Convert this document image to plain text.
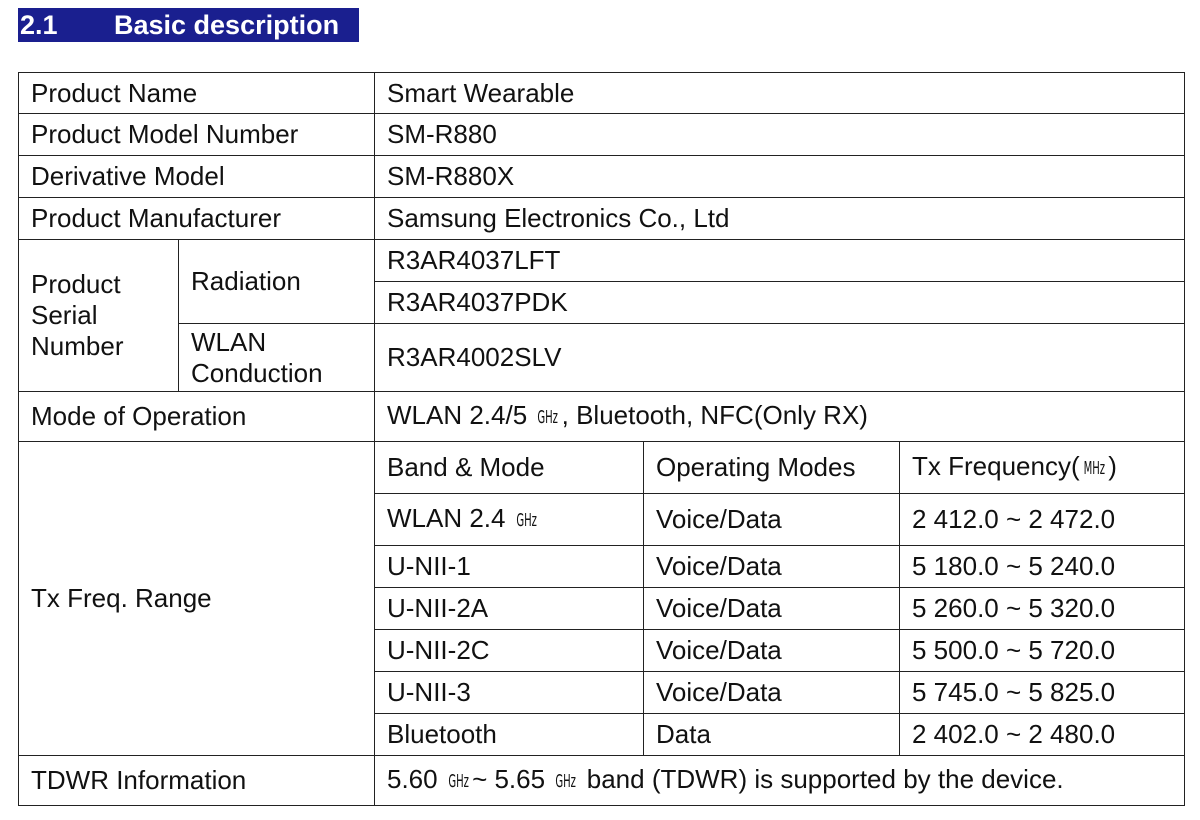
2.1 Basic description
Product Name		Smart Wearable		
Product Model Number		SM-R880		
Derivative Model		SM-R880X		
Product Manufacturer		Samsung Electronics Co., Ltd		
Product Serial Number	Radiation	R3AR4037LFT		
		R3AR4037PDK		
	WLAN Conduction	R3AR4002SLV		
Mode of Operation		WLAN 2.4/5 GHz , Bluetooth, NFC(Only RX)		
Tx Freq. Range		Band & Mode	Operating Modes	Tx Frequency( MHz )
		WLAN 2.4 GHz	Voice/Data	2 412.0 ~ 2 472.0
		U-NII-1	Voice/Data	5 180.0 ~ 5 240.0
		U-NII-2A	Voice/Data	5 260.0 ~ 5 320.0
		U-NII-2C	Voice/Data	5 500.0 ~ 5 720.0
		U-NII-3	Voice/Data	5 745.0 ~ 5 825.0
		Bluetooth	Data	2 402.0 ~ 2 480.0
TDWR Information		5.60 GHz ~ 5.65 GHz band (TDWR) is supported by the device.		
